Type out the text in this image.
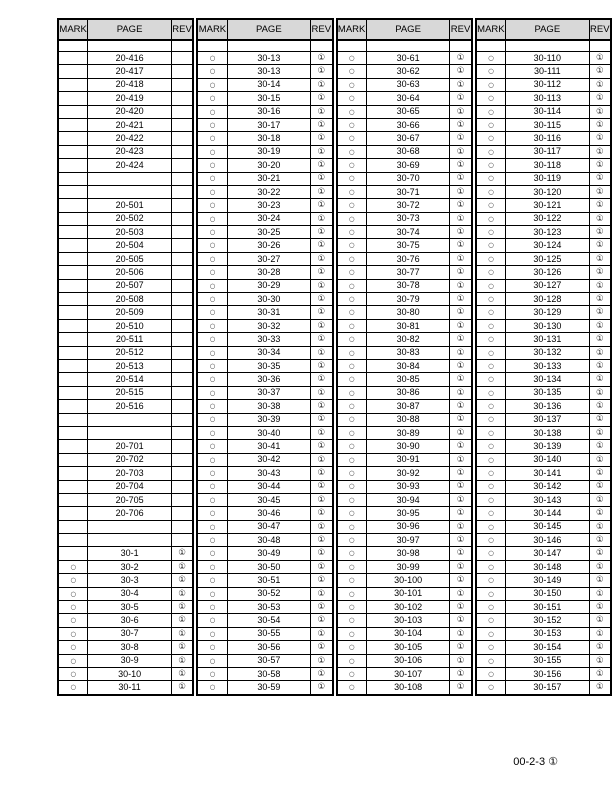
MARK	PAGE	REV

	20-416	
	20-417	
	20-418	
	20-419	
	20-420	
	20-421	
	20-422	
	20-423	
	20-424	

	20-501	
	20-502	
	20-503	
	20-504	
	20-505	
	20-506	
	20-507	
	20-508	
	20-509	
	20-510	
	20-511	
	20-512	
	20-513	
	20-514	
	20-515	
	20-516	

	20-701	
	20-702	
	20-703	
	20-704	
	20-705	
	20-706	

	30-1	①
○	30-2	①
○	30-3	①
○	30-4	①
○	30-5	①
○	30-6	①
○	30-7	①
○	30-8	①
○	30-9	①
○	30-10	①
○	30-11	①
MARK	PAGE	REV

○	30-13	①
○	30-13	①
○	30-14	①
○	30-15	①
○	30-16	①
○	30-17	①
○	30-18	①
○	30-19	①
○	30-20	①
○	30-21	①
○	30-22	①
○	30-23	①
○	30-24	①
○	30-25	①
○	30-26	①
○	30-27	①
○	30-28	①
○	30-29	①
○	30-30	①
○	30-31	①
○	30-32	①
○	30-33	①
○	30-34	①
○	30-35	①
○	30-36	①
○	30-37	①
○	30-38	①
○	30-39	①
○	30-40	①
○	30-41	①
○	30-42	①
○	30-43	①
○	30-44	①
○	30-45	①
○	30-46	①
○	30-47	①
○	30-48	①
○	30-49	①
○	30-50	①
○	30-51	①
○	30-52	①
○	30-53	①
○	30-54	①
○	30-55	①
○	30-56	①
○	30-57	①
○	30-58	①
○	30-59	①
MARK	PAGE	REV

○	30-61	①
○	30-62	①
○	30-63	①
○	30-64	①
○	30-65	①
○	30-66	①
○	30-67	①
○	30-68	①
○	30-69	①
○	30-70	①
○	30-71	①
○	30-72	①
○	30-73	①
○	30-74	①
○	30-75	①
○	30-76	①
○	30-77	①
○	30-78	①
○	30-79	①
○	30-80	①
○	30-81	①
○	30-82	①
○	30-83	①
○	30-84	①
○	30-85	①
○	30-86	①
○	30-87	①
○	30-88	①
○	30-89	①
○	30-90	①
○	30-91	①
○	30-92	①
○	30-93	①
○	30-94	①
○	30-95	①
○	30-96	①
○	30-97	①
○	30-98	①
○	30-99	①
○	30-100	①
○	30-101	①
○	30-102	①
○	30-103	①
○	30-104	①
○	30-105	①
○	30-106	①
○	30-107	①
○	30-108	①
MARK	PAGE	REV

○	30-110	①
○	30-111	①
○	30-112	①
○	30-113	①
○	30-114	①
○	30-115	①
○	30-116	①
○	30-117	①
○	30-118	①
○	30-119	①
○	30-120	①
○	30-121	①
○	30-122	①
○	30-123	①
○	30-124	①
○	30-125	①
○	30-126	①
○	30-127	①
○	30-128	①
○	30-129	①
○	30-130	①
○	30-131	①
○	30-132	①
○	30-133	①
○	30-134	①
○	30-135	①
○	30-136	①
○	30-137	①
○	30-138	①
○	30-139	①
○	30-140	①
○	30-141	①
○	30-142	①
○	30-143	①
○	30-144	①
○	30-145	①
○	30-146	①
○	30-147	①
○	30-148	①
○	30-149	①
○	30-150	①
○	30-151	①
○	30-152	①
○	30-153	①
○	30-154	①
○	30-155	①
○	30-156	①
○	30-157	①
00-2-3 ①
